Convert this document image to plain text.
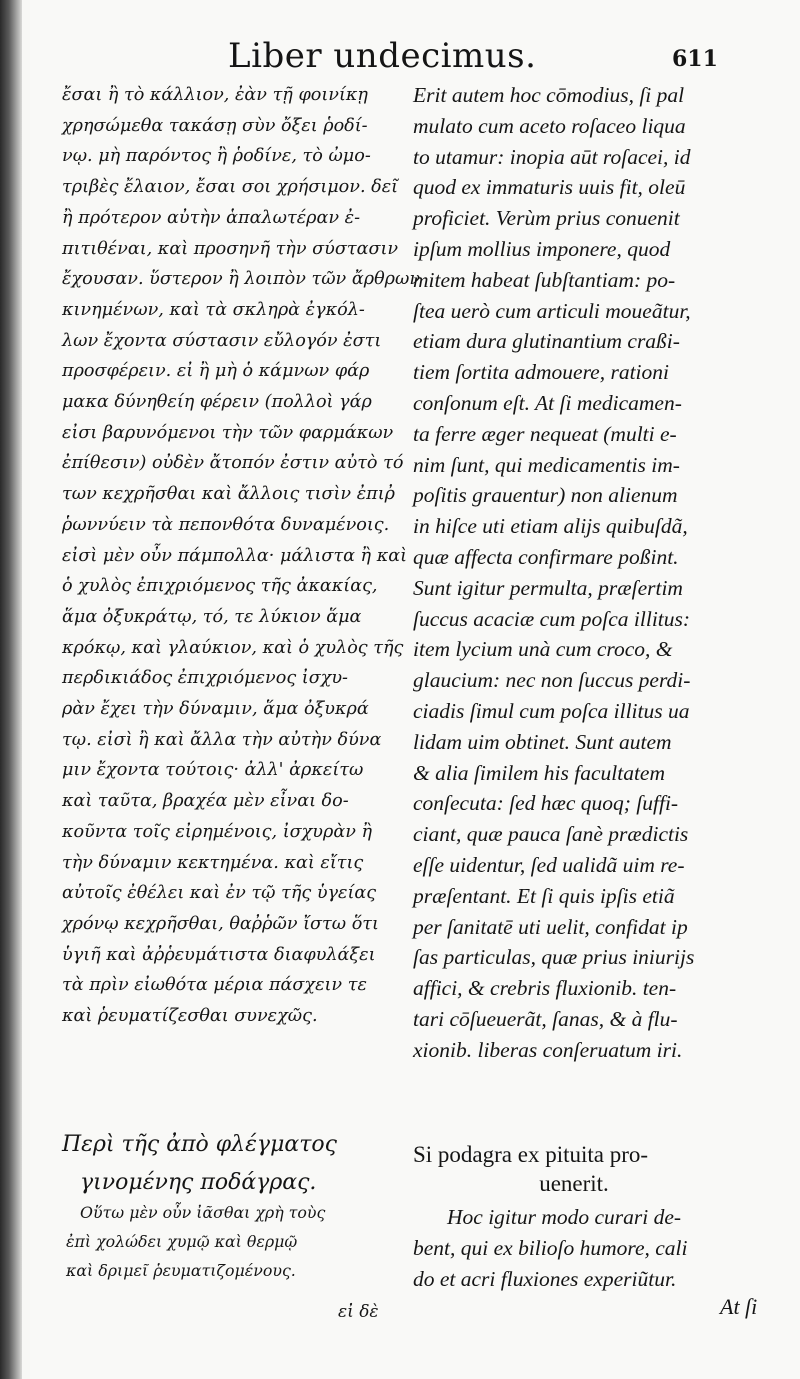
Liber undecimus.	611
ἔσαι ἢ τὸ κάλλιον, ἐὰν τῇ φοινίκῃ
χρησώμεθα τακάσῃ σὺν ὄξει ῥοδί-
νῳ. μὴ παρόντος ἢ ῥοδίνε, τὸ ὠμο-
τριβὲς ἔλαιον, ἔσαι σοι χρήσιμον. δεῖ
ἢ πρότερον αὐτὴν ἁπαλωτέραν ἐ-
πιτιθέναι, καὶ προσηνῆ τὴν σύστασιν
ἔχουσαν. ὕστερον ἢ λοιπὸν τῶν ἄρθρων
κινημένων, καὶ τὰ σκληρὰ ἐγκόλ-
λων ἔχοντα σύστασιν εὔλογόν ἐστι
προσφέρειν. εἰ ἢ μὴ ὁ κάμνων φάρ
μακα δύνηθείη φέρειν (πολλοὶ γάρ
εἰσι βαρυνόμενοι τὴν τῶν φαρμάκων
ἐπίθεσιν) οὐδὲν ἄτοπόν ἐστιν αὐτὸ τό
των κεχρῆσθαι καὶ ἄλλοις τισὶν ἐπιῤ
ῥωννύειν τὰ πεπονθότα δυναμένοις.
εἰσὶ μὲν οὖν πάμπολλα· μάλιστα ἢ καὶ
ὁ χυλὸς ἐπιχριόμενος τῆς ἀκακίας,
ἅμα ὀξυκράτῳ, τό, τε λύκιον ἅμα
κρόκῳ, καὶ γλαύκιον, καὶ ὁ χυλὸς τῆς
περδικιάδος ἐπιχριόμενος ἰσχυ-
ρὰν ἔχει τὴν δύναμιν, ἅμα ὀξυκρά
τῳ. εἰσὶ ἢ καὶ ἄλλα τὴν αὐτὴν δύνα
μιν ἔχοντα τούτοις· ἀλλ' ἀρκείτω
καὶ ταῦτα, βραχέα μὲν εἶναι δο-
κοῦντα τοῖς εἰρημένοις, ἰσχυρὰν ἢ
τὴν δύναμιν κεκτημένα. καὶ εἴτις
αὐτοῖς ἐθέλει καὶ ἐν τῷ τῆς ὑγείας
χρόνῳ κεχρῆσθαι, θαῤῥῶν ἴστω ὅτι
ὑγιῆ καὶ ἀῤῥευμάτιστα διαφυλάξει
τὰ πρὶν εἰωθότα μέρια πάσχειν τε
καὶ ῥευματίζεσθαι συνεχῶς.
Περὶ τῆς ἀπὸ φλέγματος
γινομένης ποδάγρας.
Οὕτω μὲν οὖν ἰᾶσθαι χρὴ τοὺς
ἐπὶ χολώδει χυμῷ καὶ θερμῷ
καὶ δριμεῖ ῥευματιζομένους.
εἰ δὲ
Erit autem hoc cōmodius, ſi pal
mulato cum aceto roſaceo liqua
to utamur: inopia aūt roſacei, id
quod ex immaturis uuis fit, oleū
proficiet. Verùm prius conuenit
ipſum mollius imponere, quod
mitem habeat ſubſtantiam: po-
ſtea uerò cum articuli moueãtur,
etiam dura glutinantium craßi-
tiem ſortita admouere, rationi
conſonum eſt. At ſi medicamen-
ta ferre æger nequeat (multi e-
nim ſunt, qui medicamentis im-
poſitis grauentur) non alienum
in hiſce uti etiam alijs quibuſdã,
quæ affecta confirmare poßint.
Sunt igitur permulta, præſertim
ſuccus acaciæ cum poſca illitus:
item lycium unà cum croco, &
glaucium: nec non ſuccus perdi-
ciadis ſimul cum poſca illitus ua
lidam uim obtinet. Sunt autem
& alia ſimilem his facultatem
conſecuta: ſed hæc quoq; ſuffi-
ciant, quæ pauca ſanè prædictis
eſſe uidentur, ſed ualidã uim re-
præſentant. Et ſi quis ipſis etiã
per ſanitatē uti uelit, confidat ip
ſas particulas, quæ prius iniurijs
affici, & crebris fluxionib. ten-
tari cōſueuerãt, ſanas, & à flu-
xionib. liberas conſeruatum iri.
Si podagra ex pituita pro-
uenerit.
Hoc igitur modo curari de-
bent, qui ex bilioſo humore, cali
do et acri fluxiones experiũtur.
At ſi
